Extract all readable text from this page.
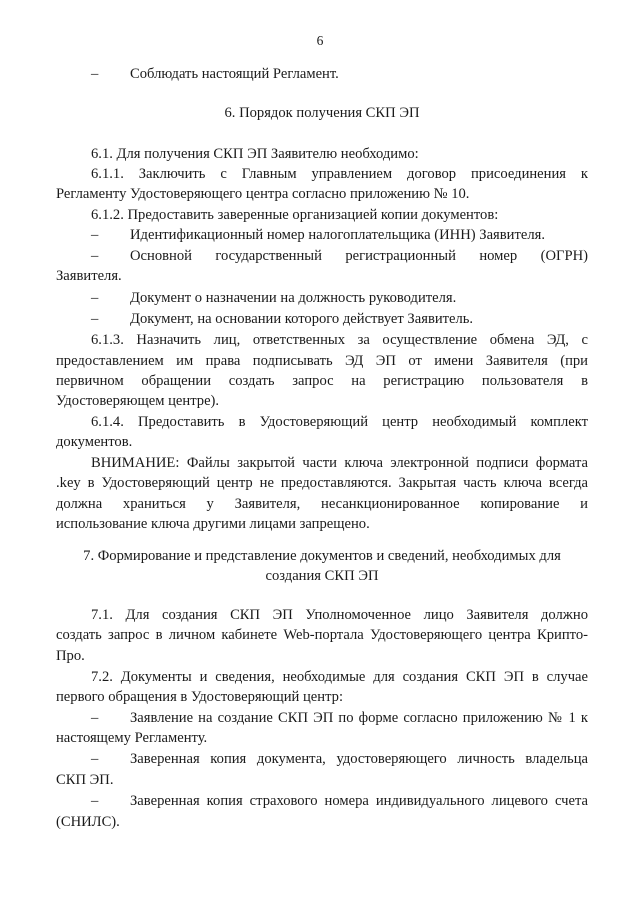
6

– Соблюдать настоящий Регламент.

6. Порядок получения СКП ЭП

6.1. Для получения СКП ЭП Заявителю необходимо:

6.1.1. Заключить с Главным управлением договор присоединения к

Регламенту Удостоверяющего центра согласно приложению № 10.

6.1.2. Предоставить заверенные организацией копии документов:

– Идентификационный номер налогоплательщика (ИНН) Заявителя.

– Основной государственный регистрационный номер (ОГРН)

Заявителя.

– Документ о назначении на должность руководителя.

– Документ, на основании которого действует Заявитель.

6.1.3. Назначить лиц, ответственных за осуществление обмена ЭД, с

предоставлением им права подписывать ЭД ЭП от имени Заявителя (при

первичном обращении создать запрос на регистрацию пользователя в

Удостоверяющем центре).

6.1.4. Предоставить в Удостоверяющий центр необходимый комплект

документов.

ВНИМАНИЕ: Файлы закрытой части ключа электронной подписи формата

.key в Удостоверяющий центр не предоставляются. Закрытая часть ключа всегда

должна храниться у Заявителя, несанкционированное копирование и

использование ключа другими лицами запрещено.

7. Формирование и представление документов и сведений, необходимых для

создания СКП ЭП

7.1. Для создания СКП ЭП Уполномоченное лицо Заявителя должно

создать запрос в личном кабинете Web-портала Удостоверяющего центра Крипто-

Про.

7.2. Документы и сведения, необходимые для создания СКП ЭП в случае

первого обращения в Удостоверяющий центр:

– Заявление на создание СКП ЭП по форме согласно приложению № 1 к

настоящему Регламенту.

– Заверенная копия документа, удостоверяющего личность владельца

СКП ЭП.

– Заверенная копия страхового номера индивидуального лицевого счета

(СНИЛС).
